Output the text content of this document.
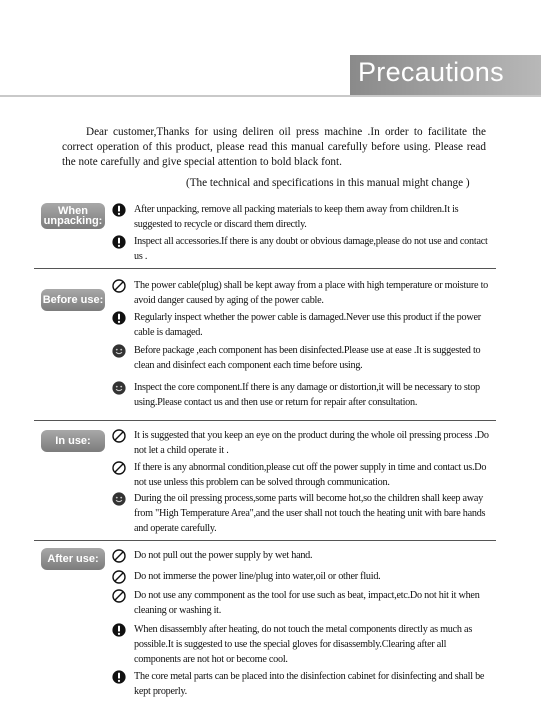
Precautions

Dear customer,Thanks for using deliren oil press machine .In order to facilitate the correct operation of this product, please read this manual carefully before using. Please read the note carefully and give special attention to bold black font.

(The technical and specifications in this manual might change )
When unpacking:
After unpacking, remove all packing materials to keep them away from children.It is suggested to recycle or discard them directly.
Inspect all accessories.If there is any doubt or obvious damage,please do not use and contact us .
Before use:
The power cable(plug) shall be kept away from a place with high temperature or moisture to avoid danger caused by aging of the power cable.
Regularly inspect whether the power cable is damaged.Never use this product if the power cable is damaged.
Before package ,each component has been disinfected.Please use at ease .It is suggested to clean and disinfect each component each time before using.
Inspect the core component.If there is any damage or distortion,it will be necessary to stop using.Please contact us and then use or return for repair after consultation.
In use:	It is suggested that you keep an eye on the product during the whole oil pressing process .Do not let a child operate it .
If there is any abnormal condition,please cut off the power supply in time and contact us.Do not use unless this problem can be solved through communication.
During the oil pressing process,some parts will become hot,so the children shall keep away from "High Temperature Area",and the user shall not touch the heating unit with bare hands and operate carefully.
After use:	Do not pull out the power supply by wet hand.
Do not immerse the power line/plug into water,oil or other fluid.
Do not use any commponent as the tool for use such as beat, impact,etc.Do not hit it when cleaning or washing it.
When disassembly after heating, do not touch the metal components directly as much as possible.It is suggested to use the special gloves for disassembly.Clearing after all components are not hot or become cool.
The core metal parts can be placed into the disinfection cabinet for disinfecting and shall be kept properly.
